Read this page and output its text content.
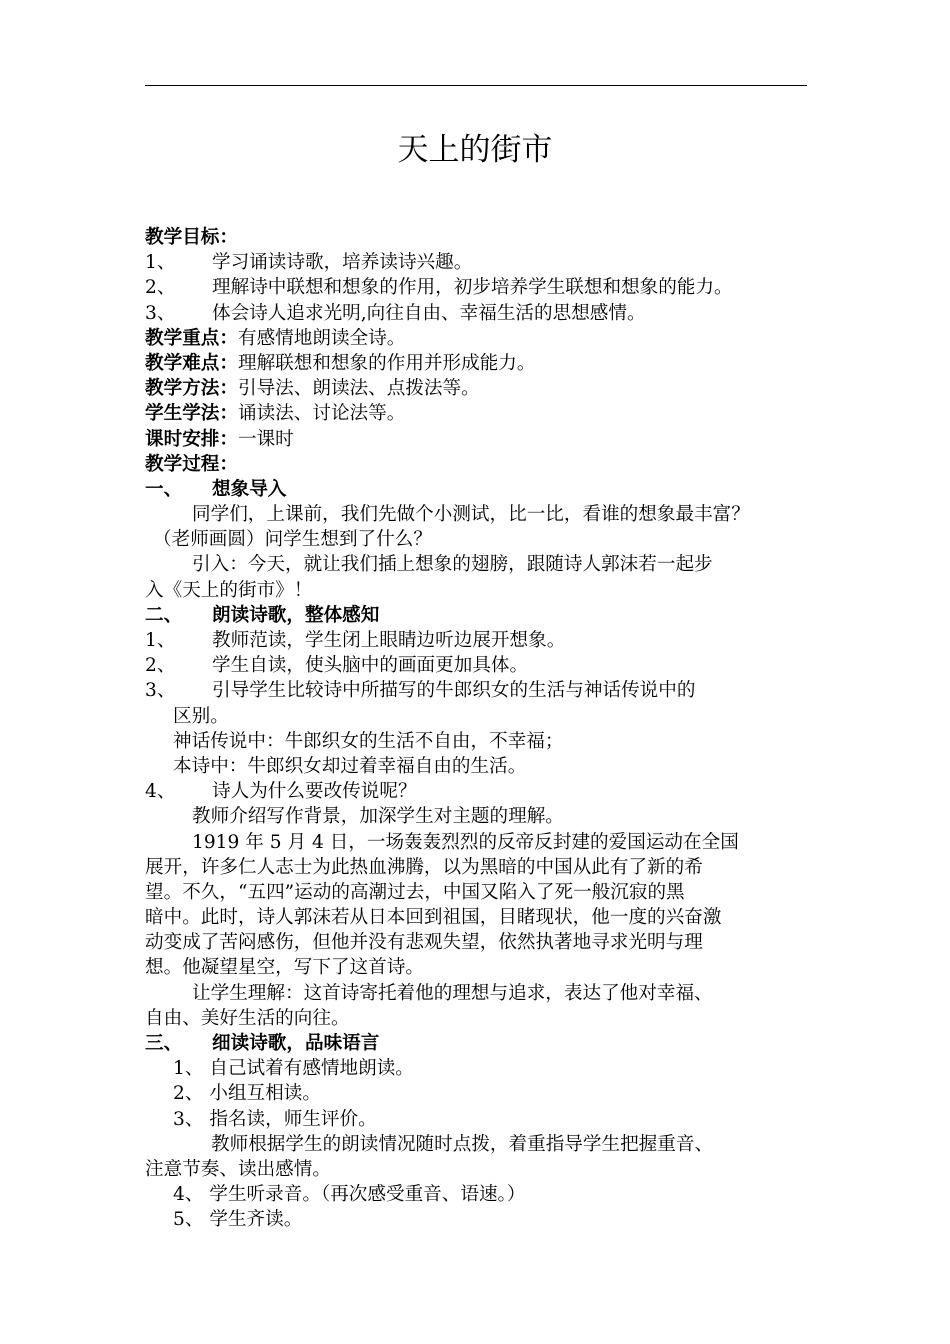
天上的街市
教学目标：
1、 学习诵读诗歌，培养读诗兴趣。
2、 理解诗中联想和想象的作用，初步培养学生联想和想象的能力。
3、 体会诗人追求光明,向往自由、幸福生活的思想感情。
教学重点：有感情地朗读全诗。
教学难点：理解联想和想象的作用并形成能力。
教学方法：引导法、朗读法、点拨法等。
学生学法：诵读法、讨论法等。
课时安排：一课时
教学过程：
一、 想象导入
同学们，上课前，我们先做个小测试，比一比，看谁的想象最丰富？
（老师画圆）问学生想到了什么？
引入：今天，就让我们插上想象的翅膀，跟随诗人郭沫若一起步
入《天上的街市》！
二、 朗读诗歌，整体感知
1、 教师范读，学生闭上眼睛边听边展开想象。
2、 学生自读，使头脑中的画面更加具体。
3、 引导学生比较诗中所描写的牛郎织女的生活与神话传说中的
区别。
神话传说中：牛郎织女的生活不自由，不幸福；
本诗中：牛郎织女却过着幸福自由的生活。
4、 诗人为什么要改传说呢？
教师介绍写作背景，加深学生对主题的理解。
1919 年 5 月 4 日，一场轰轰烈烈的反帝反封建的爱国运动在全国
展开，许多仁人志士为此热血沸腾，以为黑暗的中国从此有了新的希
望。不久，“五四”运动的高潮过去，中国又陷入了死一般沉寂的黑
暗中。此时，诗人郭沫若从日本回到祖国，目睹现状，他一度的兴奋激
动变成了苦闷感伤，但他并没有悲观失望，依然执著地寻求光明与理
想。他凝望星空，写下了这首诗。
让学生理解：这首诗寄托着他的理想与追求，表达了他对幸福、
自由、美好生活的向往。
三、 细读诗歌，品味语言
1、 自己试着有感情地朗读。
2、 小组互相读。
3、 指名读，师生评价。
教师根据学生的朗读情况随时点拨，着重指导学生把握重音、
注意节奏、读出感情。
4、 学生听录音。（再次感受重音、语速。）
5、 学生齐读。
